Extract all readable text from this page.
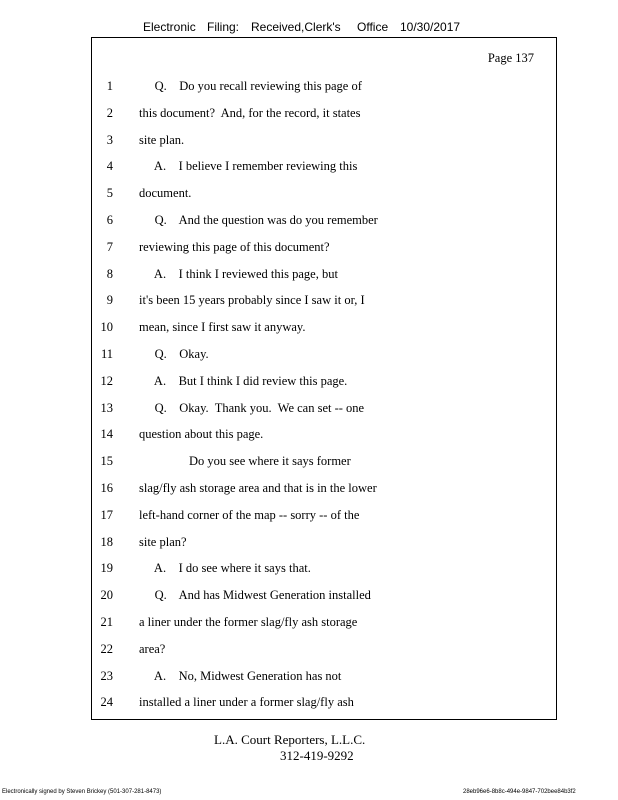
Electronic

Filing:

Received,Clerk's

Office

10/30/2017

Page 137
1 Q.    Do you recall reviewing this page of
2 this document?  And, for the record, it states
3 site plan.
4 A.    I believe I remember reviewing this
5 document.
6 Q.    And the question was do you remember
7 reviewing this page of this document?
8 A.    I think I reviewed this page, but
9 it's been 15 years probably since I saw it or, I
10 mean, since I first saw it anyway.
11 Q.    Okay.
12 A.    But I think I did review this page.
13 Q.    Okay.  Thank you.  We can set -- one
14 question about this page.
15 Do you see where it says former
16 slag/fly ash storage area and that is in the lower
17 left-hand corner of the map -- sorry -- of the
18 site plan?
19 A.    I do see where it says that.
20 Q.    And has Midwest Generation installed
21 a liner under the former slag/fly ash storage
22 area?
23 A.    No, Midwest Generation has not
24 installed a liner under a former slag/fly ash
L.A. Court Reporters, L.L.C.
312-419-9292
Electronically signed by Steven Brickey (501-307-281-8473)	28eb96e6-8b8c-494e-9847-702bee84b3f2
